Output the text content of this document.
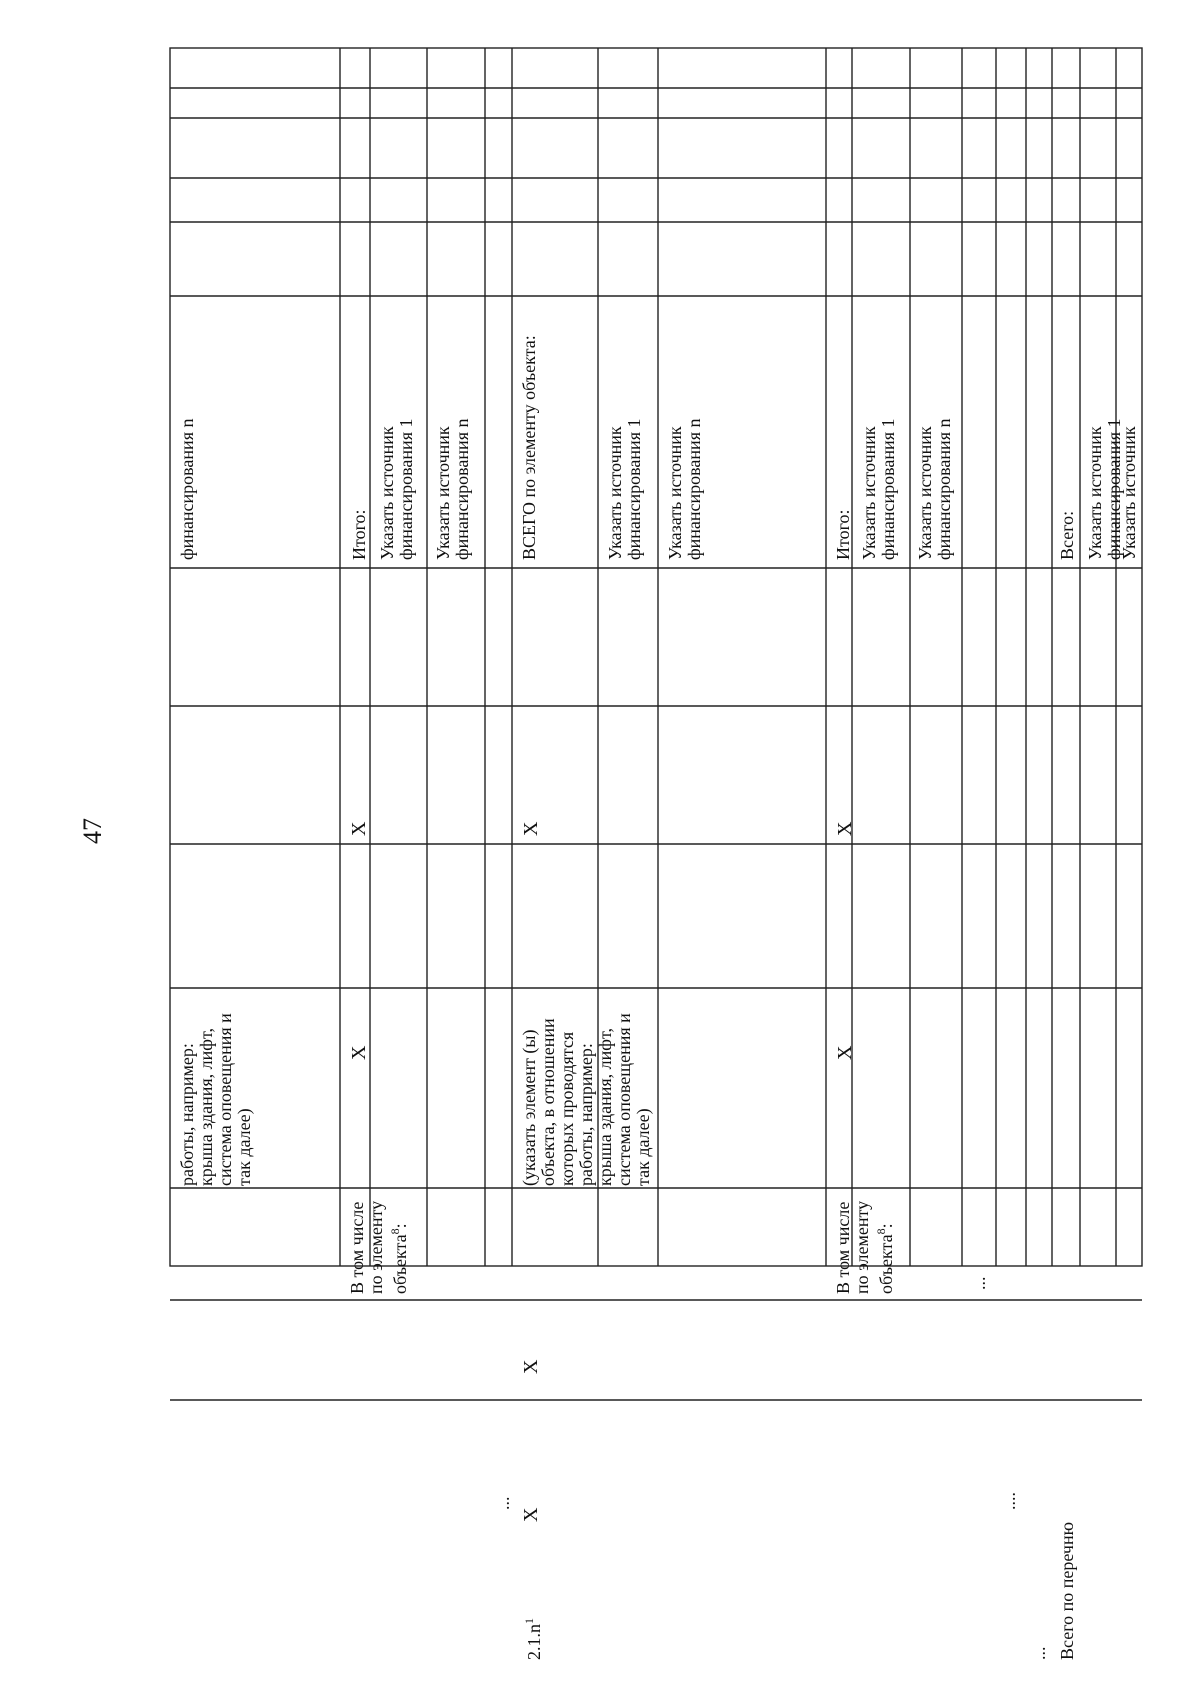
47
работы, например: крыша здания, лифт, система оповещения и так далее)
финансирования n
В том числе по элементу объекта$^8$:
X
X
Итого: Указать источник финансирования 1 Указать источник финансирования n
...
$2.1.n^1$
X
X
(указать элемент (ы) объекта, в отношении которых проводятся работы, например: крыша здания, лифт, система оповещения и так далее)
X
ВСЕГО по элементу объекта:	Указать источник финансирования 1 Указать источник финансирования n
В том числе по элементу объекта$^8$:
X
X
Итого: Указать источник финансирования 1 Указать источник финансирования n
...
....
... Всего по перечню
Всего: Указать источник финансирования 1
Указать источник
